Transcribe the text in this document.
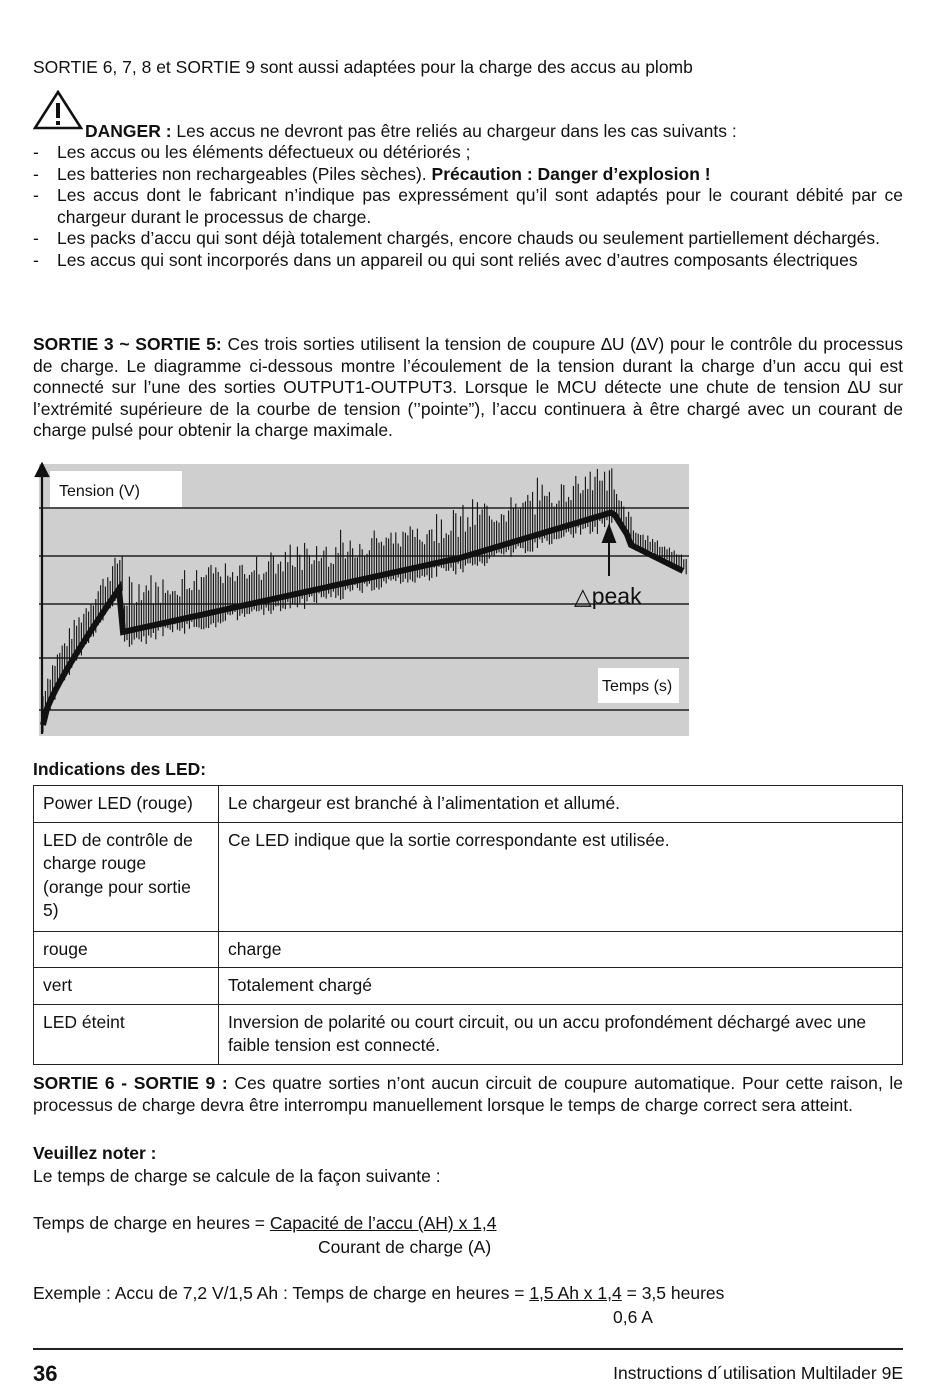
SORTIE 6, 7, 8 et SORTIE 9 sont aussi adaptées pour la charge des accus au plomb
DANGER : Les accus ne devront pas être reliés au chargeur dans les cas suivants :
- Les accus ou les éléments défectueux ou détériorés ;
- Les batteries non rechargeables (Piles sèches). Précaution : Danger d’explosion !
- Les accus dont le fabricant n’indique pas expressément qu’il sont adaptés pour le courant débité par ce chargeur durant le processus de charge.
- Les packs d’accu qui sont déjà totalement chargés, encore chauds ou seulement partiellement déchargés.
- Les accus qui sont incorporés dans un appareil ou qui sont reliés avec d’autres composants électriques
SORTIE 3 ~ SORTIE 5: Ces trois sorties utilisent la tension de coupure ∆U (∆V) pour le contrôle du processus de charge. Le diagramme ci-dessous montre l’écoulement de la tension durant la charge d’un accu qui est connecté sur l’une des sorties OUTPUT1-OUTPUT3. Lorsque le MCU détecte une chute de tension ∆U sur l’extrémité supérieure de la courbe de tension (’’pointe”), l’accu continuera à être chargé avec un courant de charge pulsé pour obtenir la charge maximale.
Tension (V)
Temps (s)
△peak
Indications des LED:
Power LED (rouge)	Le chargeur est branché à l’alimentation et allumé.
LED de contrôle de charge rouge (orange pour sortie 5)	Ce LED indique que la sortie correspondante est utilisée.
rouge	charge
vert	Totalement chargé
LED éteint	Inversion de polarité ou court circuit, ou un accu profondément déchargé avec une faible tension est connecté.
SORTIE 6 - SORTIE 9 : Ces quatre sorties n’ont aucun circuit de coupure automatique. Pour cette raison, le processus de charge devra être interrompu manuellement lorsque le temps de charge correct sera atteint.
Veuillez noter :
Le temps de charge se calcule de la façon suivante :
Temps de charge en heures = Capacité de l’accu (AH) x 1,4
Courant de charge (A)
Exemple : Accu de 7,2 V/1,5 Ah : Temps de charge en heures = 1,5 Ah x 1,4 = 3,5 heures
0,6 A
36	Instructions d´utilisation Multilader 9E
